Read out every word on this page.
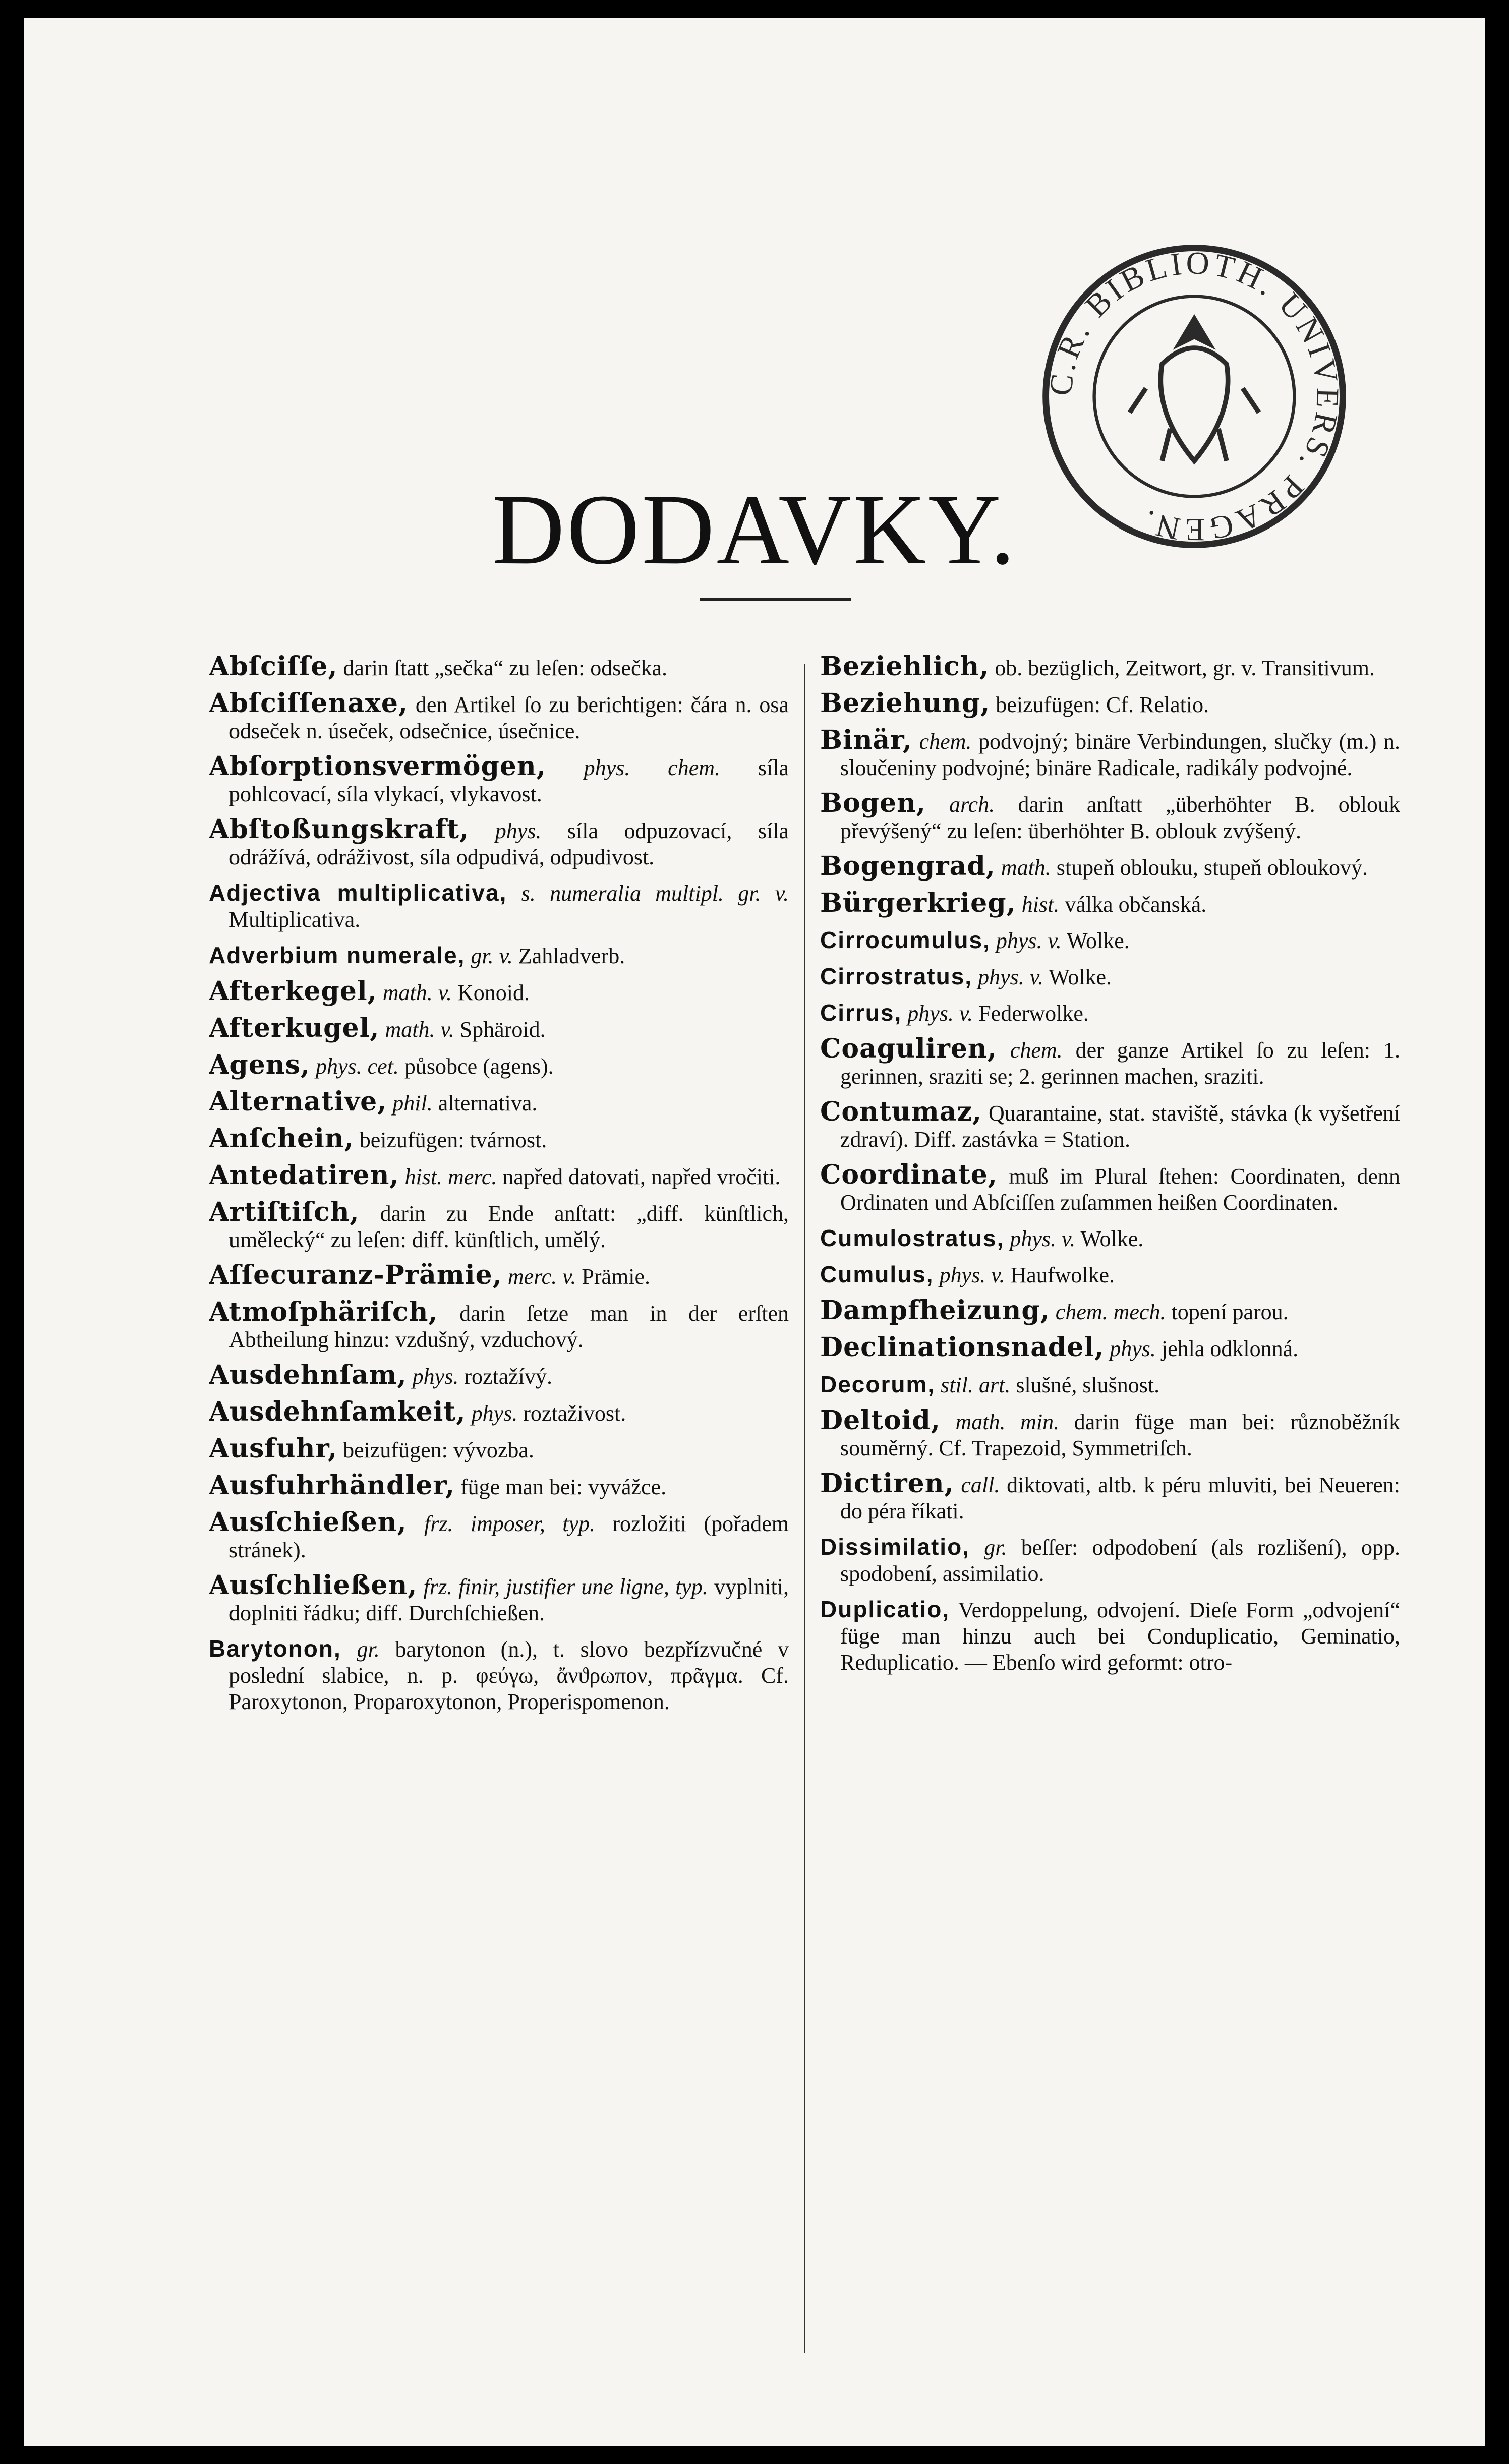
C.R. BIBLIOTH. UNIVERS. PRAGEN.
DODAVKY.

Abſciſſe, darin ſtatt „sečka“ zu leſen: odsečka.

Abſciſſenaxe, den Artikel ſo zu berichtigen: čára n. osa odseček n. úseček, odsečnice, úsečnice.

Abſorptionsvermögen, phys. chem. síla pohlcovací, síla vlykací, vlykavost.

Abſtoßungskraft, phys. síla odpuzovací, síla odrážívá, odráživost, síla odpudivá, odpudivost.

Adjectiva multiplicativa, s. numeralia multipl. gr. v. Multiplicativa.

Adverbium numerale, gr. v. Zahladverb.

Afterkegel, math. v. Konoid.

Afterkugel, math. v. Sphäroid.

Agens, phys. cet. působce (agens).

Alternative, phil. alternativa.

Anſchein, beizufügen: tvárnost.

Antedatiren, hist. merc. napřed datovati, napřed vročiti.

Artiſtiſch, darin zu Ende anſtatt: „diff. künſtlich, umělecký“ zu leſen: diff. künſtlich, umělý.

Aſſecuranz-Prämie, merc. v. Prämie.

Atmoſphäriſch, darin ſetze man in der erſten Abtheilung hinzu: vzdušný, vzduchový.

Ausdehnſam, phys. roztažívý.

Ausdehnſamkeit, phys. roztaživost.

Ausfuhr, beizufügen: vývozba.

Ausfuhrhändler, füge man bei: vyvážce.

Ausſchießen, frz. imposer, typ. rozložiti (pořadem stránek).

Ausſchließen, frz. finir, justifier une ligne, typ. vyplniti, doplniti řádku; diff. Durchſchießen.

Barytonon, gr. barytonon (n.), t. slovo bezpřízvučné v poslední slabice, n. p. φεύγω, ἄνϑρωπον, πρᾶγμα. Cf. Paroxytonon, Proparoxytonon, Properispomenon.

Beziehlich, ob. bezüglich, Zeitwort, gr. v. Transitivum.

Beziehung, beizufügen: Cf. Relatio.

Binär, chem. podvojný; binäre Verbindungen, slučky (m.) n. sloučeniny podvojné; binäre Radicale, radikály podvojné.

Bogen, arch. darin anſtatt „überhöhter B. oblouk převýšený“ zu leſen: überhöhter B. oblouk zvýšený.

Bogengrad, math. stupeň oblouku, stupeň obloukový.

Bürgerkrieg, hist. válka občanská.

Cirrocumulus, phys. v. Wolke.

Cirrostratus, phys. v. Wolke.

Cirrus, phys. v. Federwolke.

Coaguliren, chem. der ganze Artikel ſo zu leſen: 1. gerinnen, sraziti se; 2. gerinnen machen, sraziti.

Contumaz, Quarantaine, stat. staviště, stávka (k vyšetření zdraví). Diff. zastávka = Station.

Coordinate, muß im Plural ſtehen: Coordinaten, denn Ordinaten und Abſciſſen zuſammen heißen Coordinaten.

Cumulostratus, phys. v. Wolke.

Cumulus, phys. v. Haufwolke.

Dampfheizung, chem. mech. topení parou.

Declinationsnadel, phys. jehla odklonná.

Decorum, stil. art. slušné, slušnost.

Deltoid, math. min. darin füge man bei: různoběžník souměrný. Cf. Trapezoid, Symmetriſch.

Dictiren, call. diktovati, altb. k péru mluviti, bei Neueren: do péra říkati.

Dissimilatio, gr. beſſer: odpodobení (als rozlišení), opp. spodobení, assimilatio.

Duplicatio, Verdoppelung, odvojení. Dieſe Form „odvojení“ füge man hinzu auch bei Conduplicatio, Geminatio, Reduplicatio. — Ebenſo wird geformt: otro-
